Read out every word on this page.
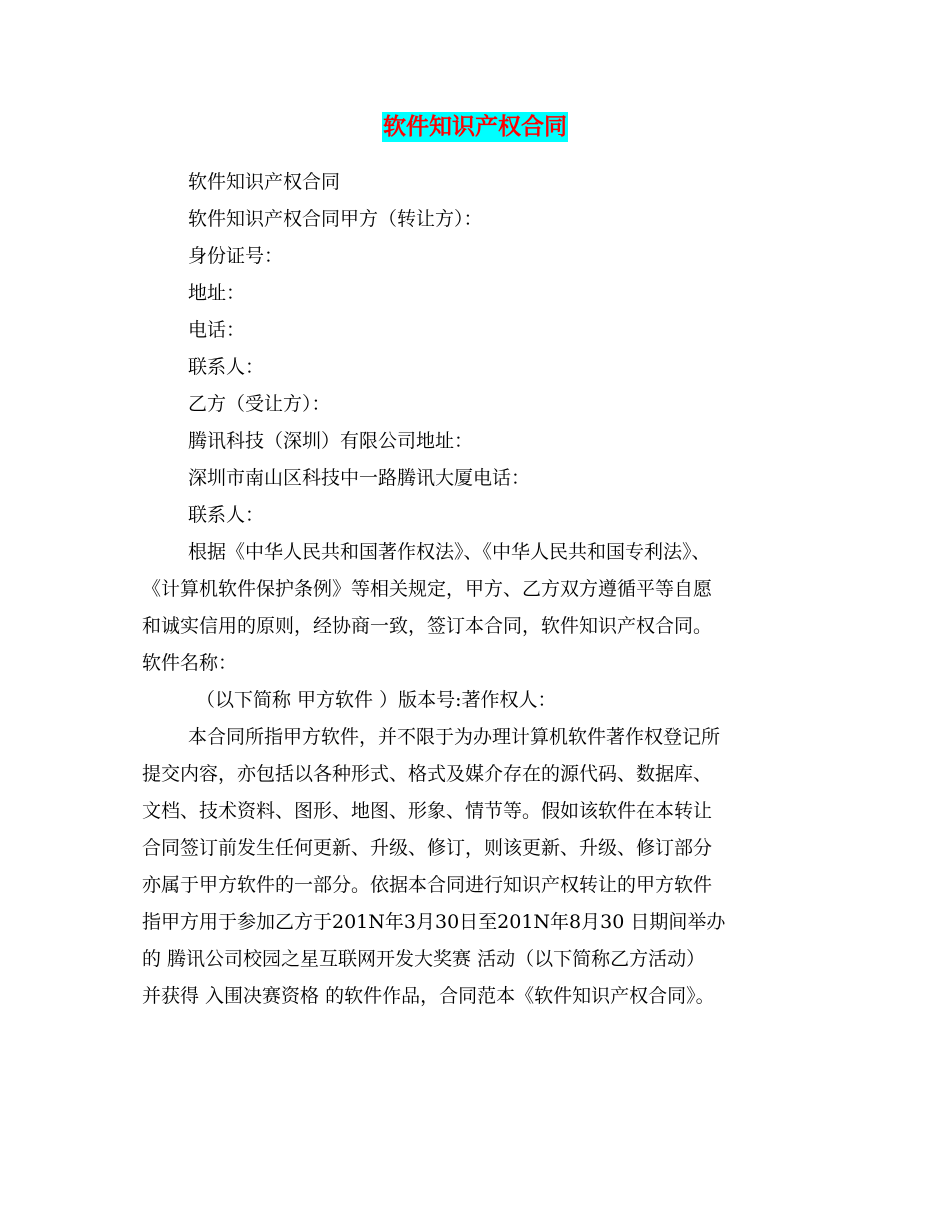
软件知识产权合同
软件知识产权合同
软件知识产权合同甲方（转让方）：
身份证号：
地址：
电话：
联系人：
乙方（受让方）：
腾讯科技（深圳）有限公司地址：
深圳市南山区科技中一路腾讯大厦电话：
联系人：
根据《中华人民共和国著作权法》、《中华人民共和国专利法》、
《计算机软件保护条例》等相关规定，甲方、乙方双方遵循平等自愿
和诚实信用的原则，经协商一致，签订本合同，软件知识产权合同。
软件名称：
（以下简称 甲方软件 ）版本号:著作权人：
本合同所指甲方软件，并不限于为办理计算机软件著作权登记所
提交内容，亦包括以各种形式、格式及媒介存在的源代码、数据库、
文档、技术资料、图形、地图、形象、情节等。假如该软件在本转让
合同签订前发生任何更新、升级、修订，则该更新、升级、修订部分
亦属于甲方软件的一部分。依据本合同进行知识产权转让的甲方软件
指甲方用于参加乙方于201N年3月30日至201N年8月30 日期间举办
的 腾讯公司校园之星互联网开发大奖赛 活动（以下简称乙方活动）
并获得 入围决赛资格 的软件作品，合同范本《软件知识产权合同》。
